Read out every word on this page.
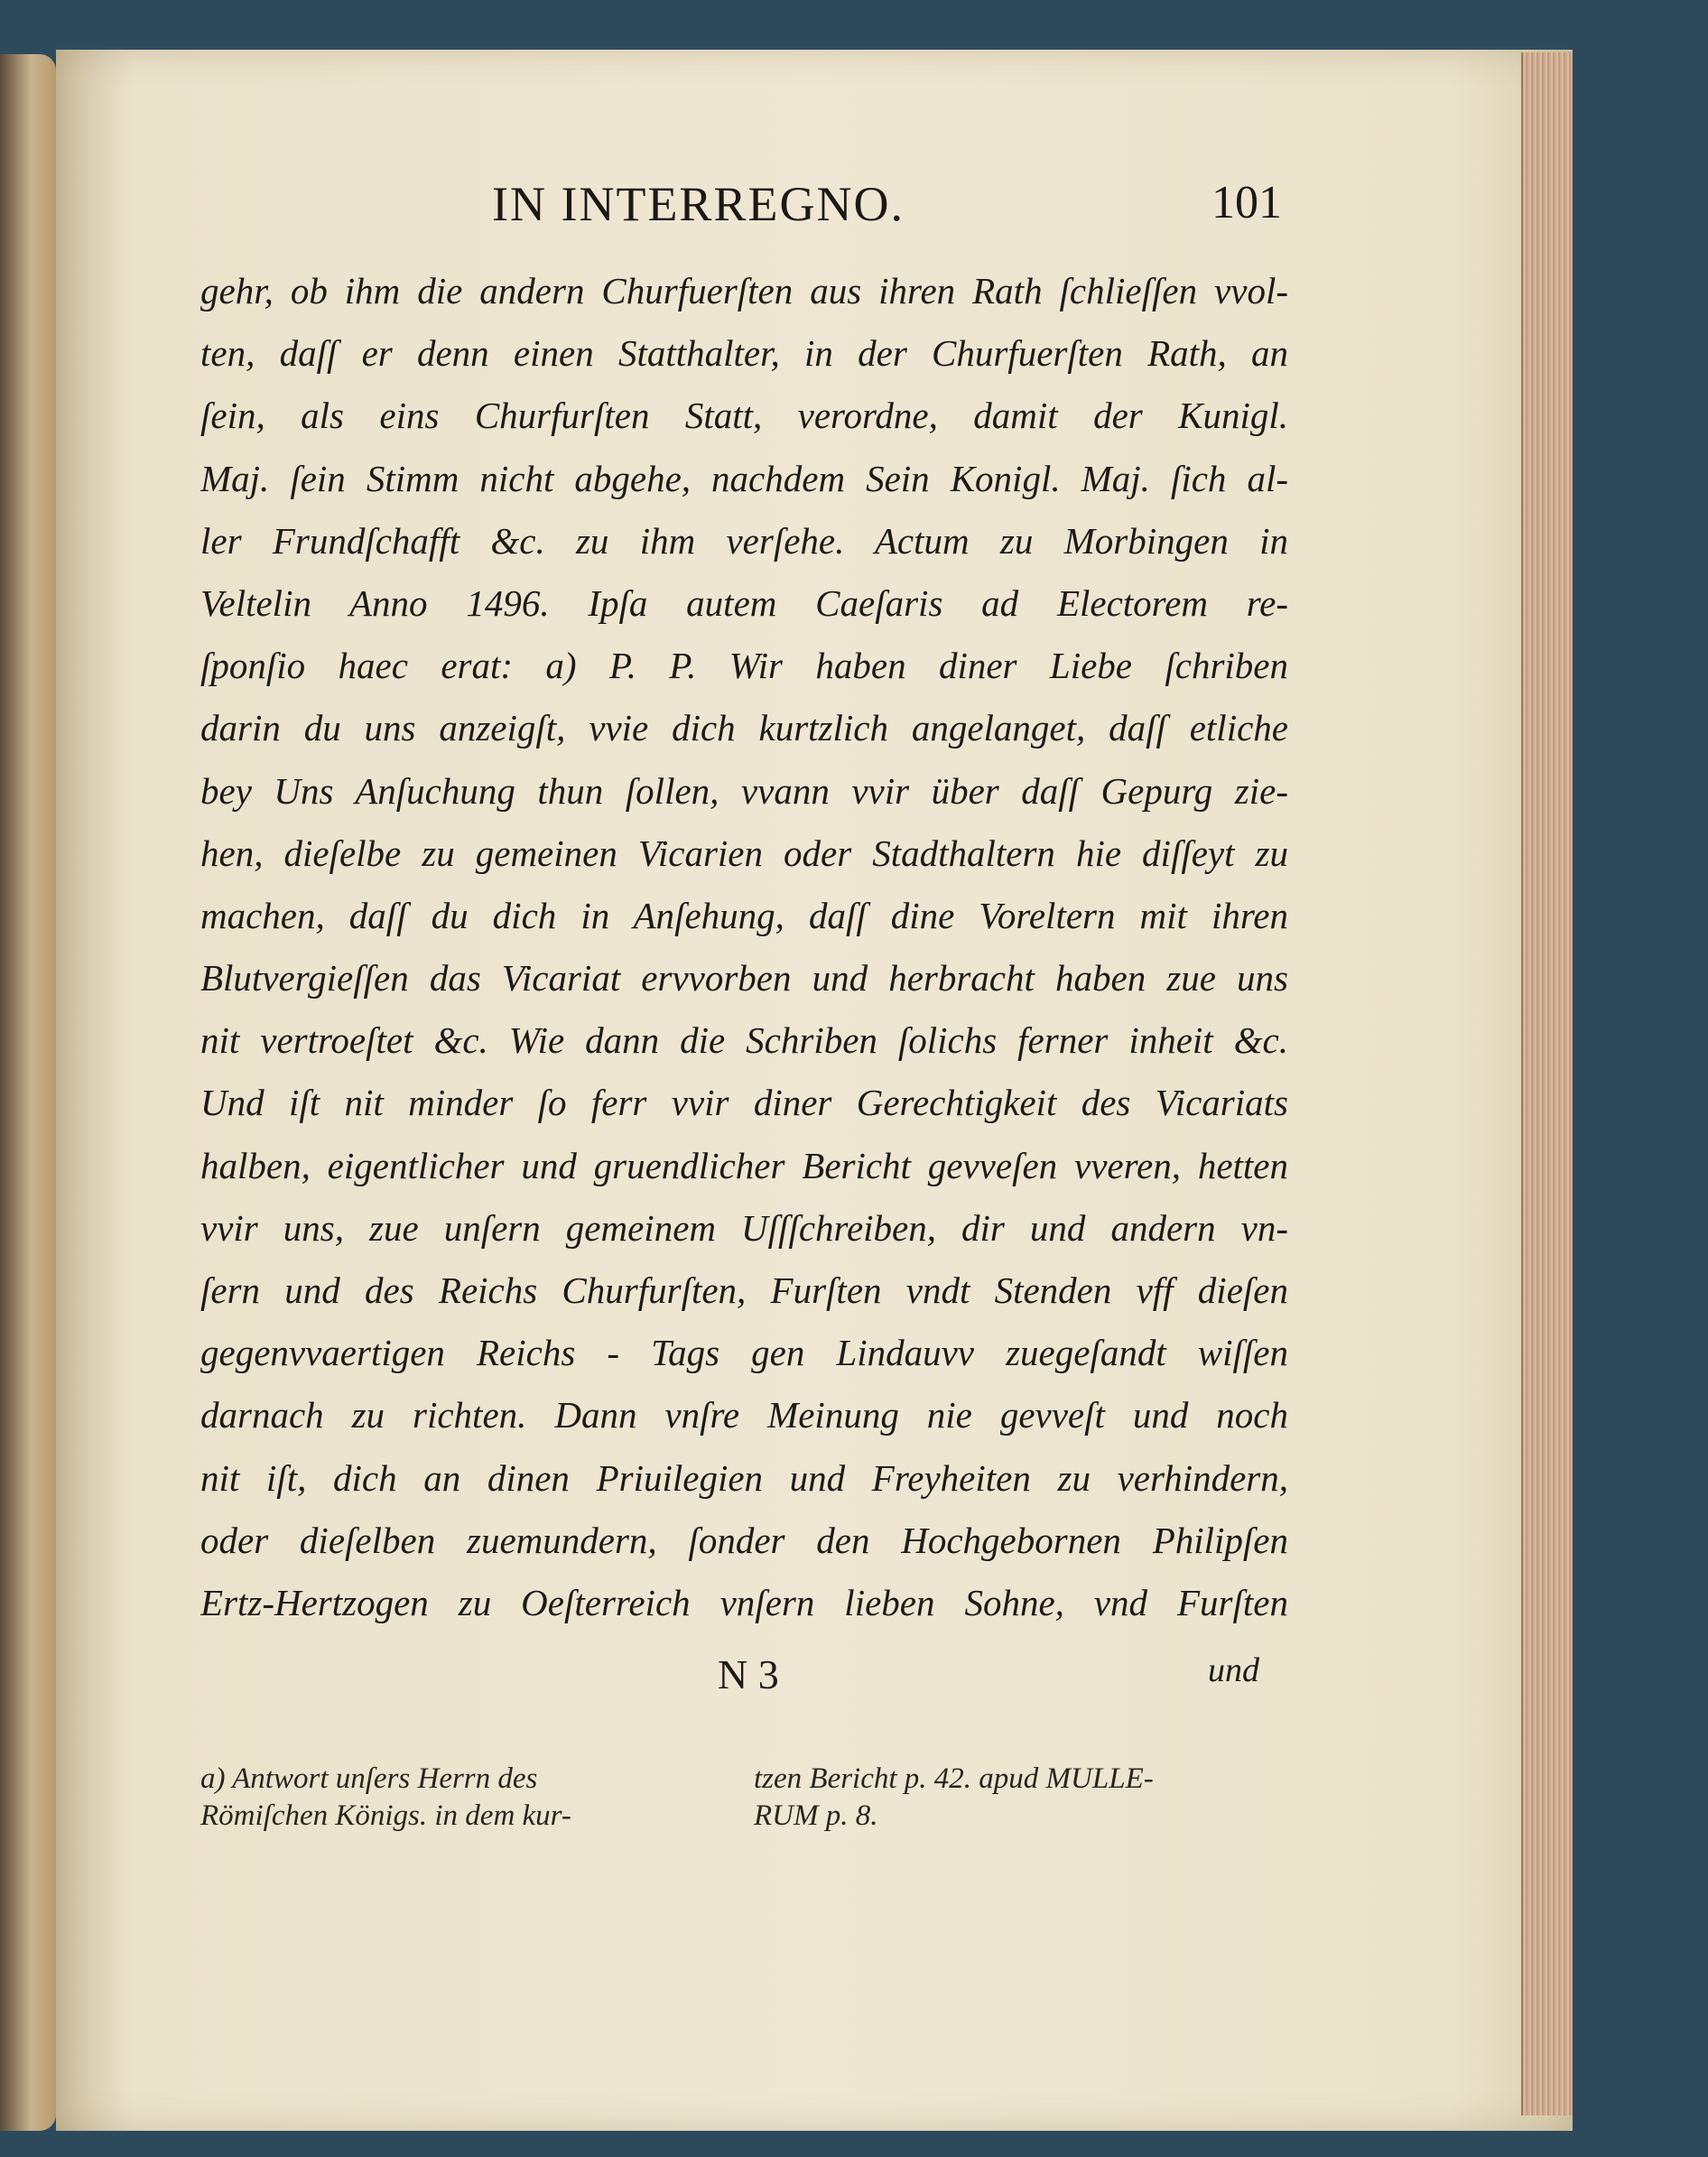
IN INTERREGNO.	101
gehr, ob ihm die andern Churfuerſten aus ihren Rath ſchlieſſen vvol-
ten, daſſ er denn einen Statthalter, in der Churfuerſten Rath, an
ſein, als eins Churfurſten Statt, verordne, damit der Kunigl.
Maj. ſein Stimm nicht abgehe, nachdem Sein Konigl. Maj. ſich al-
ler Frundſchafft &c. zu ihm verſehe. Actum zu Morbingen in
Veltelin Anno 1496. Ipſa autem Caeſaris ad Electorem re-
ſponſio haec erat: a) P. P. Wir haben diner Liebe ſchriben
darin du uns anzeigſt, vvie dich kurtzlich angelanget, daſſ etliche
bey Uns Anſuchung thun ſollen, vvann vvir über daſſ Gepurg zie-
hen, dieſelbe zu gemeinen Vicarien oder Stadthaltern hie diſſeyt zu
machen, daſſ du dich in Anſehung, daſſ dine Voreltern mit ihren
Blutvergieſſen das Vicariat ervvorben und herbracht haben zue uns
nit vertroeſtet &c. Wie dann die Schriben ſolichs ferner inheit &c.
Und iſt nit minder ſo ferr vvir diner Gerechtigkeit des Vicariats
halben, eigentlicher und gruendlicher Bericht gevveſen vveren, hetten
vvir uns, zue unſern gemeinem Uſſſchreiben, dir und andern vn-
ſern und des Reichs Churfurſten, Furſten vndt Stenden vff dieſen
gegenvvaertigen Reichs - Tags gen Lindauvv zuegeſandt wiſſen
darnach zu richten. Dann vnſre Meinung nie gevveſt und noch
nit iſt, dich an dinen Priuilegien und Freyheiten zu verhindern,
oder dieſelben zuemundern, ſonder den Hochgebornen Philipſen
Ertz-Hertzogen zu Oeſterreich vnſern lieben Sohne, vnd Furſten
N 3	und
a) Antwort unſers Herrn des
Römiſchen Königs. in dem kur-
tzen Bericht p. 42. apud MULLE-
RUM p. 8.
